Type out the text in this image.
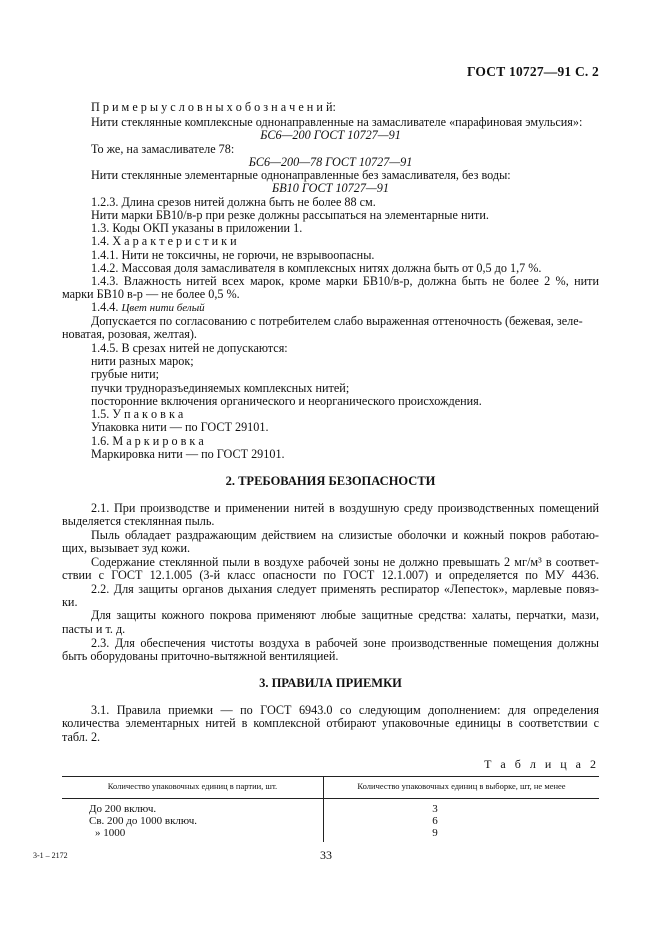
ГОСТ 10727—91 С. 2
П р и м е р ы у с л о в н ы х о б о з н а ч е н и й:
Нити стеклянные комплексные однонаправленные на замасливателе «парафиновая эмульсия»:
БС6—200 ГОСТ 10727—91
То же, на замасливателе 78:
БС6—200—78 ГОСТ 10727—91
Нити стеклянные элементарные однонаправленные без замасливателя, без воды:
БВ10 ГОСТ 10727—91
1.2.3. Длина срезов нитей должна быть не более 88 см.
Нити марки БВ10/в-р при резке должны рассыпаться на элементарные нити.
1.3. Коды ОКП указаны в приложении 1.
1.4. Х а р а к т е р и с т и к и
1.4.1. Нити не токсичны, не горючи, не взрывоопасны.
1.4.2. Массовая доля замасливателя в комплексных нитях должна быть от 0,5 до 1,7 %.
1.4.3. Влажность нитей всех марок, кроме марки БВ10/в-р, должна быть не более 2 %, нити
марки БВ10 в-р — не более 0,5 %.
1.4.4. Цвет нити белый
Допускается по согласованию с потребителем слабо выраженная оттеночность (бежевая, зеле-
новатая, розовая, желтая).
1.4.5. В срезах нитей не допускаются:
нити разных марок;
грубые нити;
пучки трудноразъединяемых комплексных нитей;
посторонние включения органического и неорганического происхождения.
1.5. У п а к о в к а
Упаковка нити — по ГОСТ 29101.
1.6. М а р к и р о в к а
Маркировка нити — по ГОСТ 29101.
2. ТРЕБОВАНИЯ БЕЗОПАСНОСТИ
2.1. При производстве и применении нитей в воздушную среду производственных помещений
выделяется стеклянная пыль.
Пыль обладает раздражающим действием на слизистые оболочки и кожный покров работаю-
щих, вызывает зуд кожи.
Содержание стеклянной пыли в воздухе рабочей зоны не должно превышать 2 мг/м³ в соответ-
ствии с ГОСТ 12.1.005 (3-й класс опасности по ГОСТ 12.1.007) и определяется по МУ 4436.
2.2. Для защиты органов дыхания следует применять респиратор «Лепесток», марлевые повяз-
ки.
Для защиты кожного покрова применяют любые защитные средства: халаты, перчатки, мази,
пасты и т. д.
2.3. Для обеспечения чистоты воздуха в рабочей зоне производственные помещения должны
быть оборудованы приточно-вытяжной вентиляцией.
3. ПРАВИЛА ПРИЕМКИ
3.1. Правила приемки — по ГОСТ 6943.0 со следующим дополнением: для определения
количества элементарных нитей в комплексной отбирают упаковочные единицы в соответствии с
табл. 2.
Т а б л и ц а 2
Количество упаковочных единиц в партии, шт.	Количество упаковочных единиц в выборке, шт, не менее
До 200 включ.	3
Св. 200 до 1000 включ.	6
» 1000	9
3-1 – 2172	33
